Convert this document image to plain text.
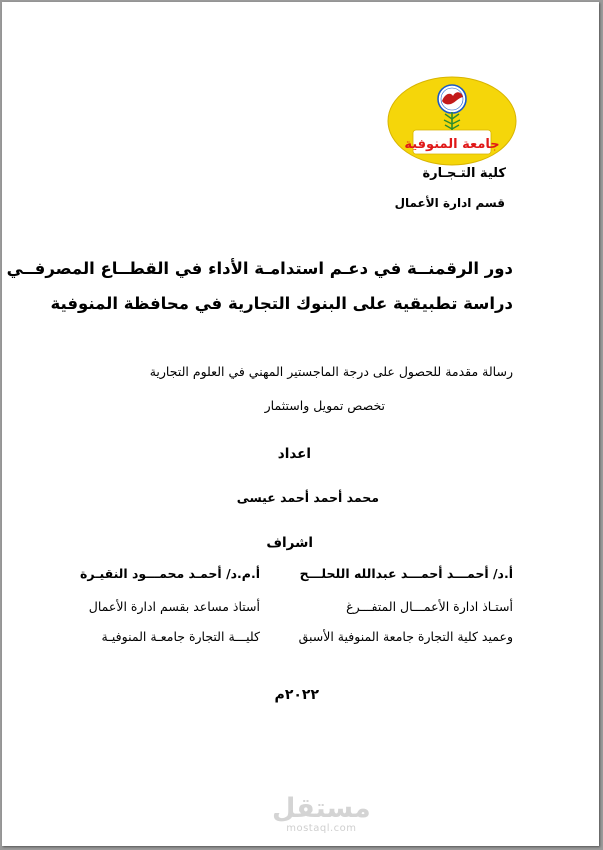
جامعة المنوفية
كلية التـجـارة
قسم ادارة الأعمال
دور الرقمنــة في دعـم استدامـة الأداء في القطــاع المصرفــي
دراسة تطبيقية على البنوك التجارية في محافظة المنوفية
رسالة مقدمة للحصول على درجة الماجستير المهني في العلوم التجارية
تخصص تمويل واستثمار
اعداد
محمد أحمد أحمد عيسى
اشراف
أ.د/ أحمـــد أحمـــد عبدالله اللحلـــح
أستـاذ ادارة الأعمـــال المتفـــرغ
وعميد كلية التجارة جامعة المنوفية الأسبق
أ.م.د/ أحمـد محمـــود النقيـرة
أستاذ مساعد بقسم ادارة الأعمال
كليـــة التجارة جامعـة المنوفيـة
٢٠٢٢م
مستقل
mostaql.com
